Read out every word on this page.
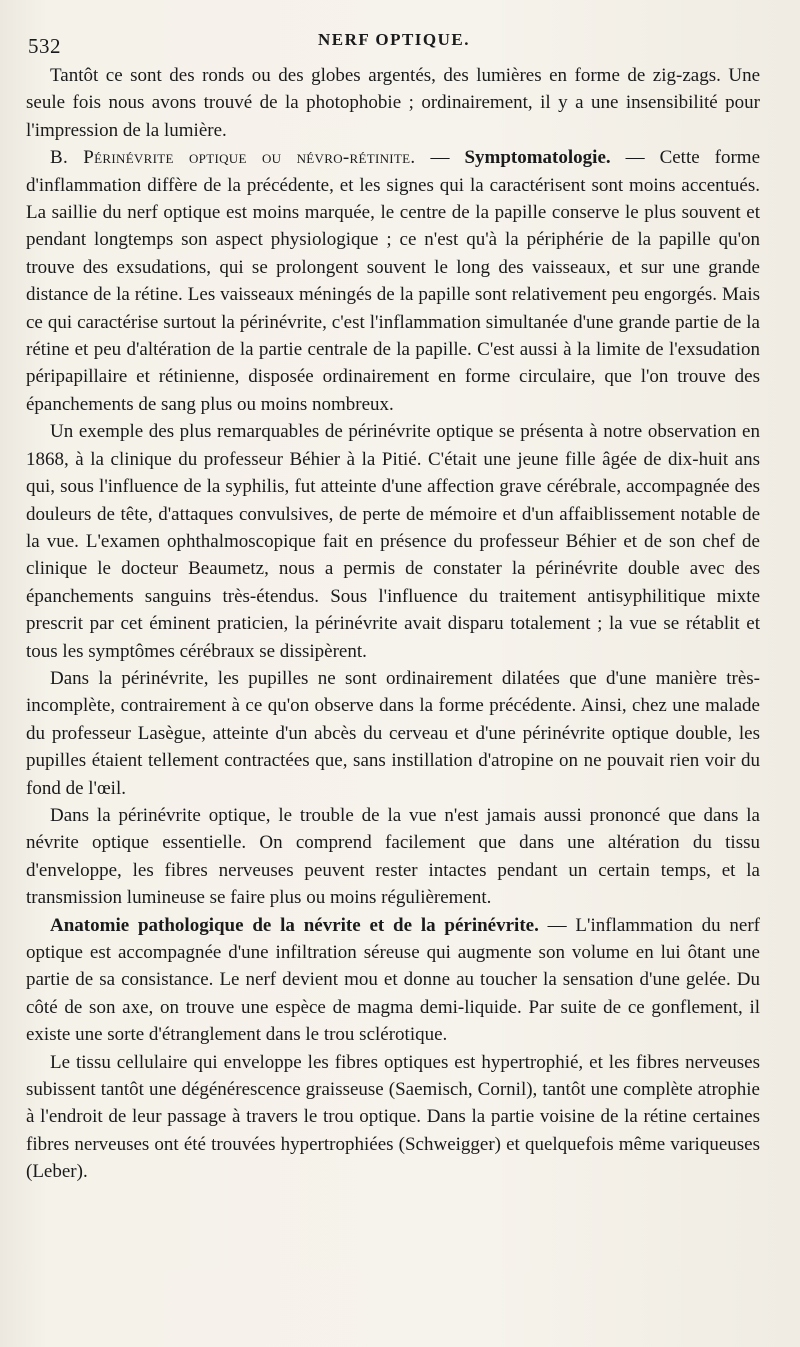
532	NERF OPTIQUE.

Tantôt ce sont des ronds ou des globes argentés, des lumières en forme de zig-zags. Une seule fois nous avons trouvé de la photophobie ; ordinairement, il y a une insensibilité pour l'impression de la lumière.

B. Périnévrite optique ou névro-rétinite. — Symptomatologie. — Cette forme d'inflammation diffère de la précédente, et les signes qui la caractérisent sont moins accentués. La saillie du nerf optique est moins marquée, le centre de la papille conserve le plus souvent et pendant longtemps son aspect physiologique ; ce n'est qu'à la périphérie de la papille qu'on trouve des exsudations, qui se prolongent souvent le long des vaisseaux, et sur une grande distance de la rétine. Les vaisseaux méningés de la papille sont relativement peu engorgés. Mais ce qui caractérise surtout la périnévrite, c'est l'inflammation simultanée d'une grande partie de la rétine et peu d'altération de la partie centrale de la papille. C'est aussi à la limite de l'exsudation péripapillaire et rétinienne, disposée ordinairement en forme circulaire, que l'on trouve des épanchements de sang plus ou moins nombreux.

Un exemple des plus remarquables de périnévrite optique se présenta à notre observation en 1868, à la clinique du professeur Béhier à la Pitié. C'était une jeune fille âgée de dix-huit ans qui, sous l'influence de la syphilis, fut atteinte d'une affection grave cérébrale, accompagnée des douleurs de tête, d'attaques convulsives, de perte de mémoire et d'un affaiblissement notable de la vue. L'examen ophthalmoscopique fait en présence du professeur Béhier et de son chef de clinique le docteur Beaumetz, nous a permis de constater la périnévrite double avec des épanchements sanguins très-étendus. Sous l'influence du traitement antisyphilitique mixte prescrit par cet éminent praticien, la périnévrite avait disparu totalement ; la vue se rétablit et tous les symptômes cérébraux se dissipèrent.

Dans la périnévrite, les pupilles ne sont ordinairement dilatées que d'une manière très-incomplète, contrairement à ce qu'on observe dans la forme précédente. Ainsi, chez une malade du professeur Lasègue, atteinte d'un abcès du cerveau et d'une périnévrite optique double, les pupilles étaient tellement contractées que, sans instillation d'atropine on ne pouvait rien voir du fond de l'œil.

Dans la périnévrite optique, le trouble de la vue n'est jamais aussi prononcé que dans la névrite optique essentielle. On comprend facilement que dans une altération du tissu d'enveloppe, les fibres nerveuses peuvent rester intactes pendant un certain temps, et la transmission lumineuse se faire plus ou moins régulièrement.

Anatomie pathologique de la névrite et de la périnévrite. — L'inflammation du nerf optique est accompagnée d'une infiltration séreuse qui augmente son volume en lui ôtant une partie de sa consistance. Le nerf devient mou et donne au toucher la sensation d'une gelée. Du côté de son axe, on trouve une espèce de magma demi-liquide. Par suite de ce gonflement, il existe une sorte d'étranglement dans le trou sclérotique.

Le tissu cellulaire qui enveloppe les fibres optiques est hypertrophié, et les fibres nerveuses subissent tantôt une dégénérescence graisseuse (Saemisch, Cornil), tantôt une complète atrophie à l'endroit de leur passage à travers le trou optique. Dans la partie voisine de la rétine certaines fibres nerveuses ont été trouvées hypertrophiées (Schweigger) et quelquefois même variqueuses (Leber).
